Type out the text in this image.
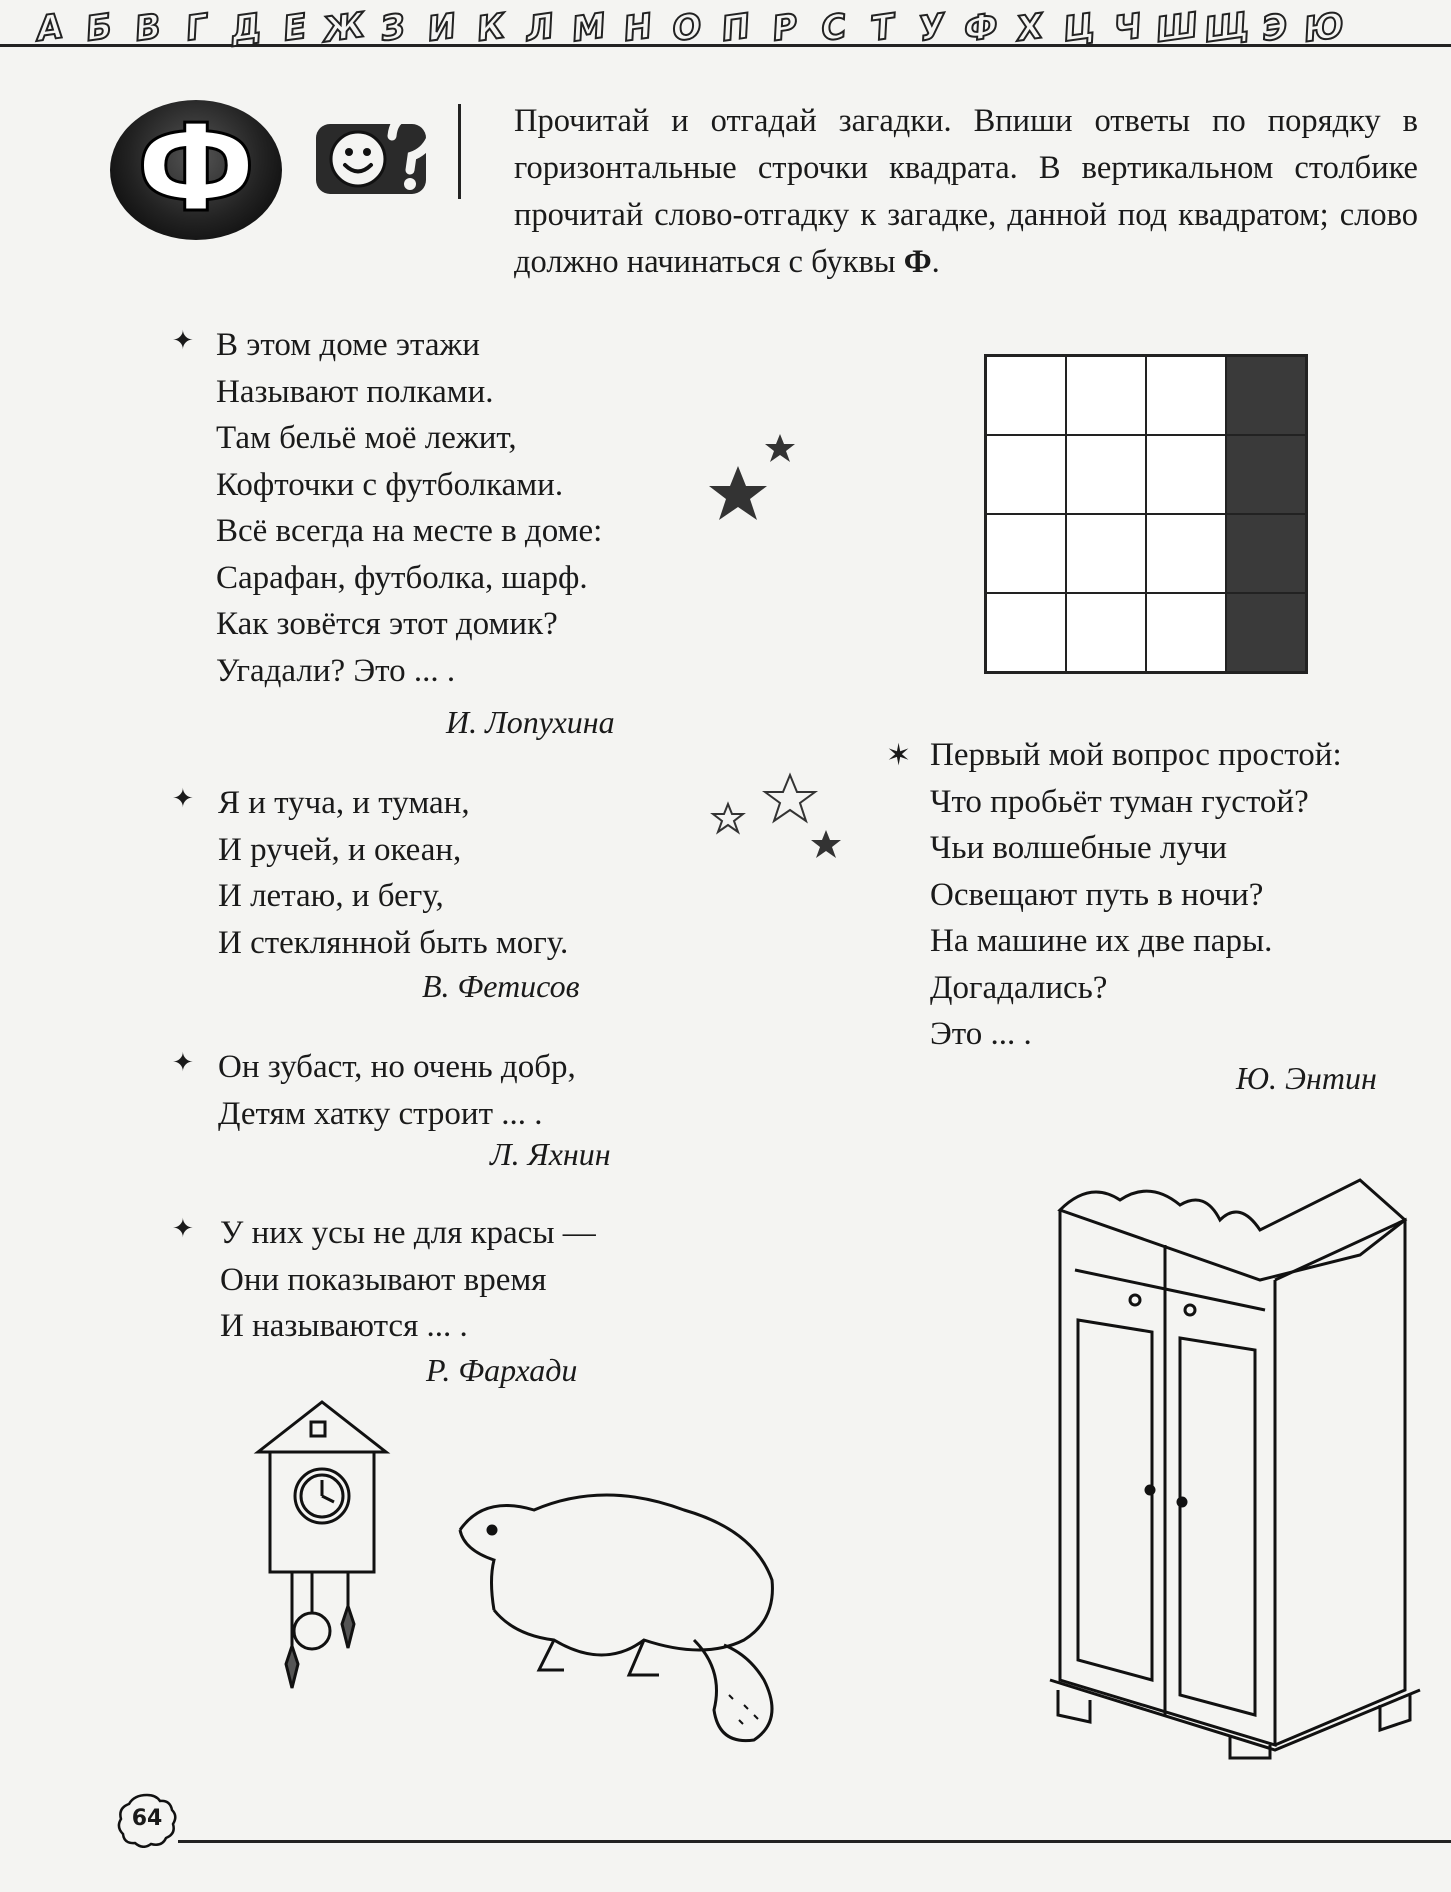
А Б В Г Д Е Ж З И К Л М Н О П Р С Т У Ф Х Ц Ч Ш Щ Э Ю
Ф	Прочитай и отгадай загадки. Впиши ответы по порядку в горизонтальные строчки квадрата. В вертикальном столбике прочитай слово-отгадку к загадке, данной под квадратом; слово должно начинаться с буквы Ф.
✦ В этом доме этажи
Называют полками.
Там бельё моё лежит,
Кофточки с футболками.
Всё всегда на месте в доме:
Сарафан, футболка, шарф.
Как зовётся этот домик?
Угадали? Это ... .
И. Лопухина
✦ Я и туча, и туман,
И ручей, и океан,
И летаю, и бегу,
И стеклянной быть могу.
В. Фетисов
✦ Он зубаст, но очень добр,
Детям хатку строит ... .
Л. Яхнин
✦ У них усы не для красы —
Они показывают время
И называются ... .
Р. Фархади
✶ Первый мой вопрос простой:
Что пробьёт туман густой?
Чьи волшебные лучи
Освещают путь в ночи?
На машине их две пары.
Догадались?
Это ... .
Ю. Энтин
64
